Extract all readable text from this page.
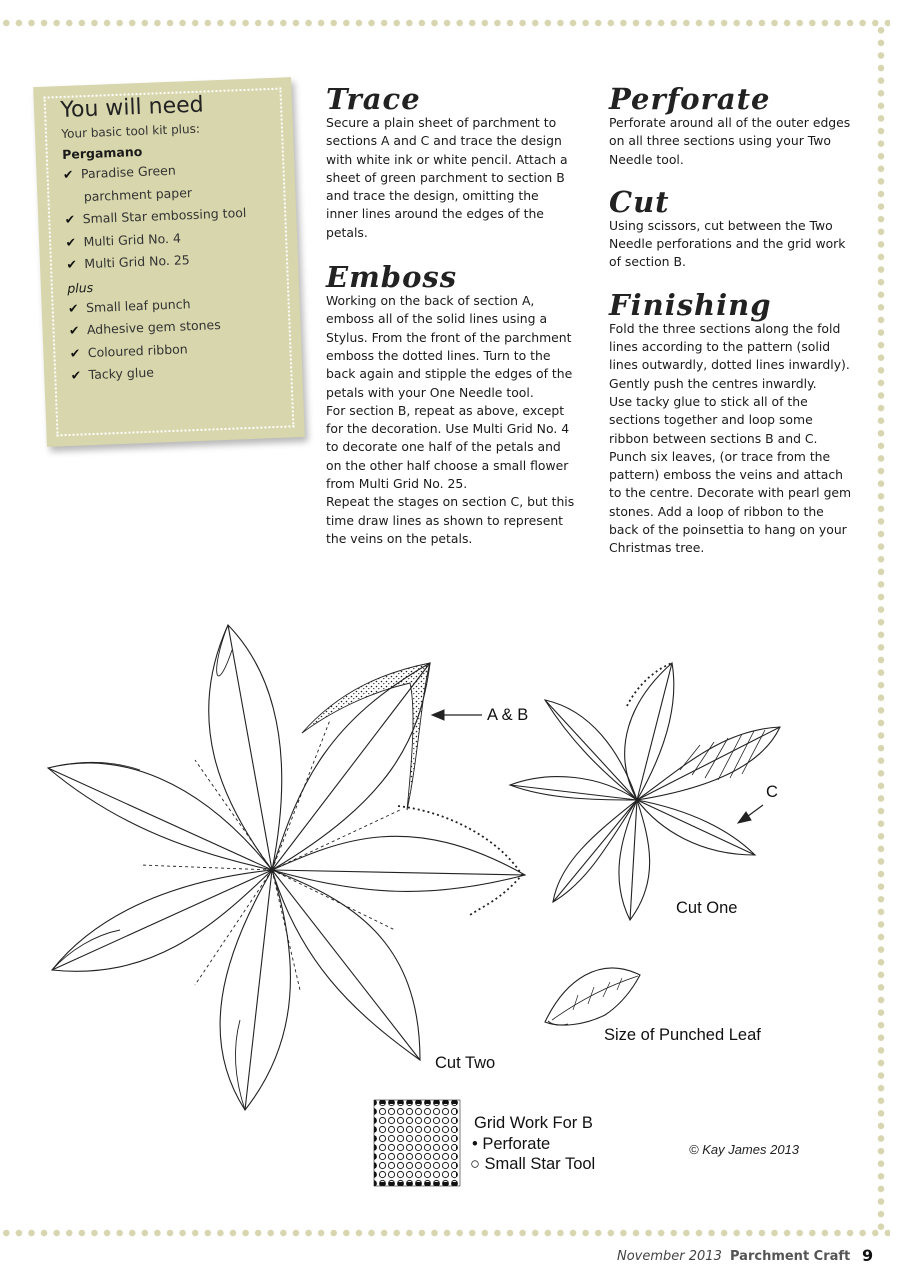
You will need

Your basic tool kit plus:

Pergamano

✔ Paradise Green
parchment paper
✔ Small Star embossing tool
✔ Multi Grid No. 4
✔ Multi Grid No. 25

plus

✔ Small leaf punch
✔ Adhesive gem stones
✔ Coloured ribbon
✔ Tacky glue
Trace

Secure a plain sheet of parchment to
sections A and C and trace the design
with white ink or white pencil. Attach a
sheet of green parchment to section B
and trace the design, omitting the
inner lines around the edges of the
petals.

Emboss

Working on the back of section A,
emboss all of the solid lines using a
Stylus. From the front of the parchment
emboss the dotted lines. Turn to the
back again and stipple the edges of the
petals with your One Needle tool.
For section B, repeat as above, except
for the decoration. Use Multi Grid No. 4
to decorate one half of the petals and
on the other half choose a small flower
from Multi Grid No. 25.
Repeat the stages on section C, but this
time draw lines as shown to represent
the veins on the petals.

Perforate

Perforate around all of the outer edges
on all three sections using your Two
Needle tool.

Cut

Using scissors, cut between the Two
Needle perforations and the grid work
of section B.

Finishing

Fold the three sections along the fold
lines according to the pattern (solid
lines outwardly, dotted lines inwardly).
Gently push the centres inwardly.
Use tacky glue to stick all of the
sections together and loop some
ribbon between sections B and C.
Punch six leaves, (or trace from the
pattern) emboss the veins and attach
to the centre. Decorate with pearl gem
stones. Add a loop of ribbon to the
back of the poinsettia to hang on your
Christmas tree.

A & B
C
Cut One
Size of Punched Leaf
Cut Two
Grid Work For B
• Perforate
○ Small Star Tool
© Kay James 2013
November 2013 Parchment Craft 9
